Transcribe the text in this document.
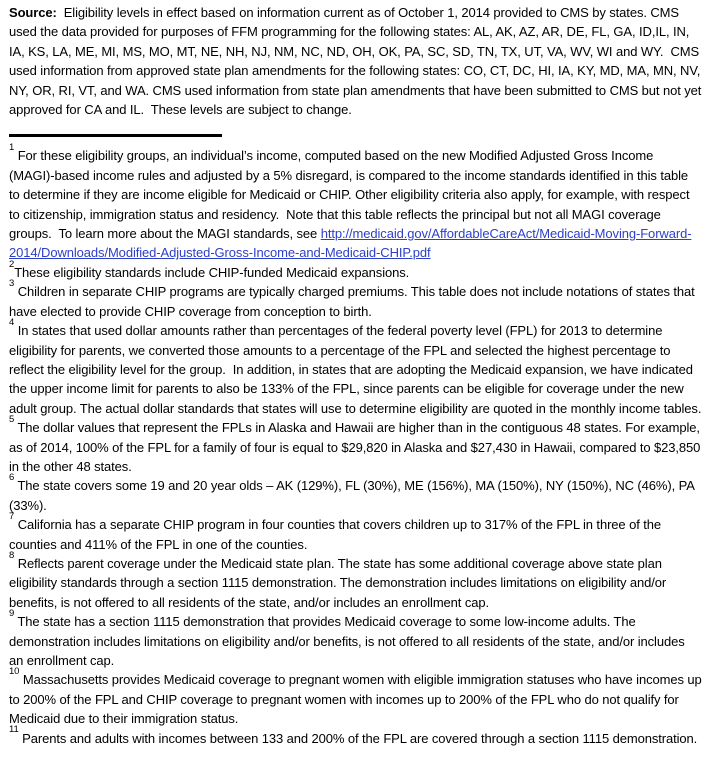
Source:  Eligibility levels in effect based on information current as of October 1, 2014 provided to CMS by states. CMS used the data provided for purposes of FFM programming for the following states: AL, AK, AZ, AR, DE, FL, GA, ID,IL, IN, IA, KS, LA, ME, MI, MS, MO, MT, NE, NH, NJ, NM, NC, ND, OH, OK, PA, SC, SD, TN, TX, UT, VA, WV, WI and WY.  CMS used information from approved state plan amendments for the following states: CO, CT, DC, HI, IA, KY, MD, MA, MN, NV, NY, OR, RI, VT, and WA. CMS used information from state plan amendments that have been submitted to CMS but not yet approved for CA and IL.  These levels are subject to change.

$^1$ For these eligibility groups, an individual’s income, computed based on the new Modified Adjusted Gross Income (MAGI)-based income rules and adjusted by a 5% disregard, is compared to the income standards identified in this table to determine if they are income eligible for Medicaid or CHIP. Other eligibility criteria also apply, for example, with respect to citizenship, immigration status and residency.  Note that this table reflects the principal but not all MAGI coverage groups.  To learn more about the MAGI standards, see http://medicaid.gov/AffordableCareAct/Medicaid-Moving-Forward-2014/Downloads/Modified-Adjusted-Gross-Income-and-Medicaid-CHIP.pdf
$^2$These eligibility standards include CHIP-funded Medicaid expansions.
$^3$ Children in separate CHIP programs are typically charged premiums. This table does not include notations of states that have elected to provide CHIP coverage from conception to birth.
$^4$ In states that used dollar amounts rather than percentages of the federal poverty level (FPL) for 2013 to determine eligibility for parents, we converted those amounts to a percentage of the FPL and selected the highest percentage to reflect the eligibility level for the group.  In addition, in states that are adopting the Medicaid expansion, we have indicated the upper income limit for parents to also be 133% of the FPL, since parents can be eligible for coverage under the new adult group. The actual dollar standards that states will use to determine eligibility are quoted in the monthly income tables.
$^5$ The dollar values that represent the FPLs in Alaska and Hawaii are higher than in the contiguous 48 states. For example, as of 2014, 100% of the FPL for a family of four is equal to $29,820 in Alaska and $27,430 in Hawaii, compared to $23,850 in the other 48 states.
$^6$ The state covers some 19 and 20 year olds – AK (129%), FL (30%), ME (156%), MA (150%), NY (150%), NC (46%), PA (33%).
$^7$ California has a separate CHIP program in four counties that covers children up to 317% of the FPL in three of the counties and 411% of the FPL in one of the counties.
$^8$ Reflects parent coverage under the Medicaid state plan. The state has some additional coverage above state plan eligibility standards through a section 1115 demonstration. The demonstration includes limitations on eligibility and/or benefits, is not offered to all residents of the state, and/or includes an enrollment cap.
$^9$ The state has a section 1115 demonstration that provides Medicaid coverage to some low-income adults. The demonstration includes limitations on eligibility and/or benefits, is not offered to all residents of the state, and/or includes an enrollment cap.
$^{10}$ Massachusetts provides Medicaid coverage to pregnant women with eligible immigration statuses who have incomes up to 200% of the FPL and CHIP coverage to pregnant women with incomes up to 200% of the FPL who do not qualify for Medicaid due to their immigration status.
$^{11}$ Parents and adults with incomes between 133 and 200% of the FPL are covered through a section 1115 demonstration.
